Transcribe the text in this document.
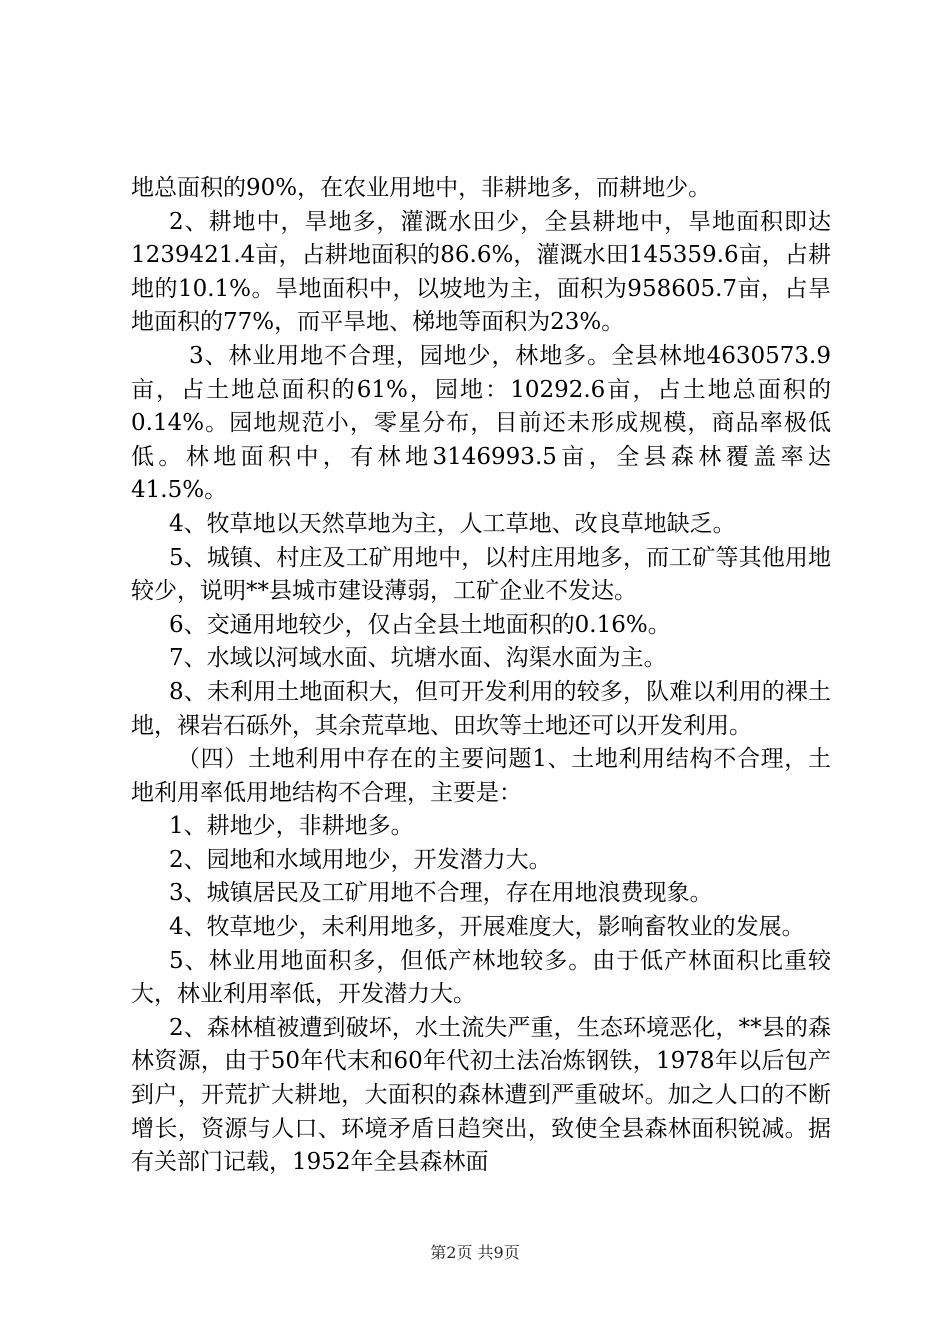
地总面积的90%，在农业用地中，非耕地多，而耕地少。

2、耕地中，旱地多，灌溉水田少，全县耕地中，旱地面积即达1239421.4亩，占耕地面积的86.6%，灌溉水田145359.6亩，占耕地的10.1%。旱地面积中，以坡地为主，面积为958605.7亩，占旱地面积的77%，而平旱地、梯地等面积为23%。

3、林业用地不合理，园地少，林地多。全县林地4630573.9亩，占土地总面积的61%，园地：10292.6亩，占土地总面积的0.14%。园地规范小，零星分布，目前还未形成规模，商品率极低低。林地面积中，有林地3146993.5亩，全县森林覆盖率达41.5%。

4、牧草地以天然草地为主，人工草地、改良草地缺乏。

5、城镇、村庄及工矿用地中，以村庄用地多，而工矿等其他用地较少，说明**县城市建设薄弱，工矿企业不发达。

6、交通用地较少，仅占全县土地面积的0.16%。

7、水域以河域水面、坑塘水面、沟渠水面为主。

8、未利用土地面积大，但可开发利用的较多，队难以利用的裸土地，裸岩石砾外，其余荒草地、田坎等土地还可以开发利用。

（四）土地利用中存在的主要问题1、土地利用结构不合理，土地利用率低用地结构不合理，主要是：

1、耕地少，非耕地多。

2、园地和水域用地少，开发潜力大。

3、城镇居民及工矿用地不合理，存在用地浪费现象。

4、牧草地少，未利用地多，开展难度大，影响畜牧业的发展。

5、林业用地面积多，但低产林地较多。由于低产林面积比重较大，林业利用率低，开发潜力大。

2、森林植被遭到破坏，水土流失严重，生态环境恶化，**县的森林资源，由于50年代末和60年代初土法冶炼钢铁，1978年以后包产到户，开荒扩大耕地，大面积的森林遭到严重破坏。加之人口的不断增长，资源与人口、环境矛盾日趋突出，致使全县森林面积锐减。据有关部门记载，1952年全县森林面

第2页 共9页
